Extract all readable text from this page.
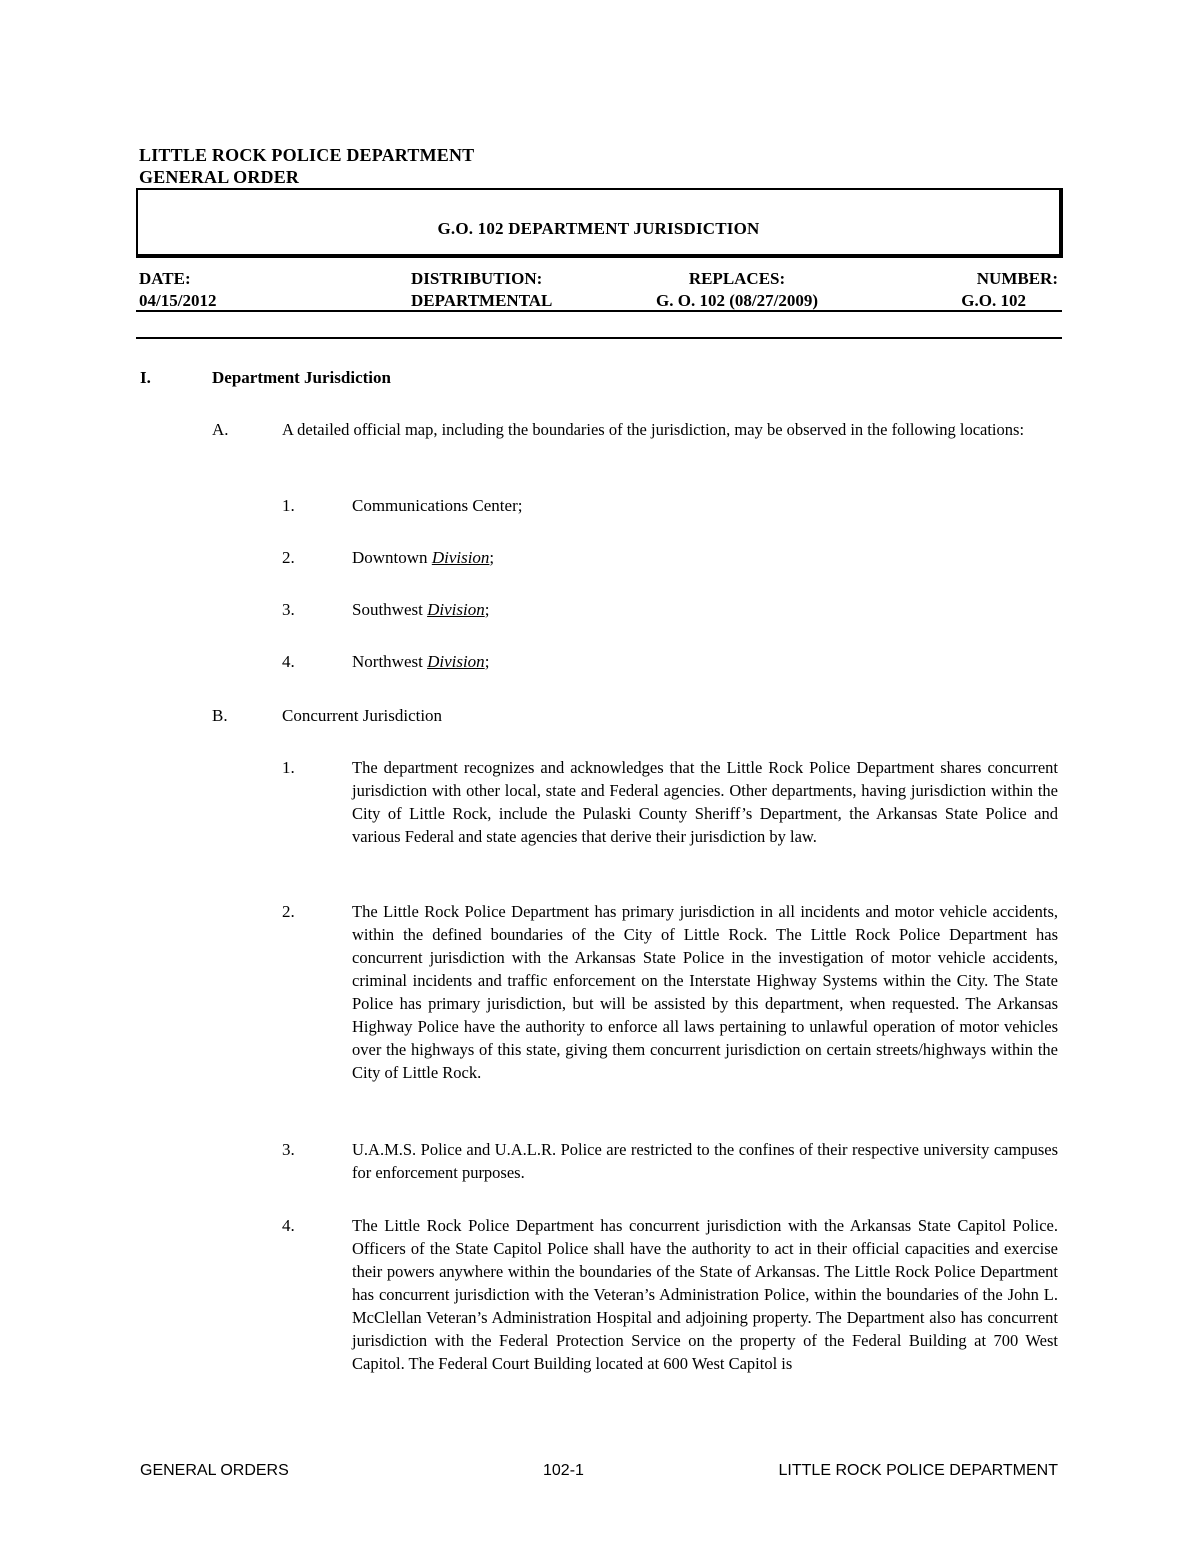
LITTLE ROCK POLICE DEPARTMENT
GENERAL ORDER
G.O. 102 DEPARTMENT JURISDICTION
DATE:
04/15/2012
DISTRIBUTION:
DEPARTMENTAL
REPLACES:
G. O. 102 (08/27/2009)
NUMBER:
G.O. 102
I.	Department Jurisdiction
A.	A detailed official map, including the boundaries of the jurisdiction, may be observed in the following locations:
1.	Communications Center;
2.	Downtown Division;
3.	Southwest Division;
4.	Northwest Division;
B.	Concurrent Jurisdiction
1.	The department recognizes and acknowledges that the Little Rock Police Department shares concurrent jurisdiction with other local, state and Federal agencies. Other departments, having jurisdiction within the City of Little Rock, include the Pulaski County Sheriff’s Department, the Arkansas State Police and various Federal and state agencies that derive their jurisdiction by law.
2.	The Little Rock Police Department has primary jurisdiction in all incidents and motor vehicle accidents, within the defined boundaries of the City of Little Rock. The Little Rock Police Department has concurrent jurisdiction with the Arkansas State Police in the investigation of motor vehicle accidents, criminal incidents and traffic enforcement on the Interstate Highway Systems within the City. The State Police has primary jurisdiction, but will be assisted by this department, when requested. The Arkansas Highway Police have the authority to enforce all laws pertaining to unlawful operation of motor vehicles over the highways of this state, giving them concurrent jurisdiction on certain streets/highways within the City of Little Rock.
3.	U.A.M.S. Police and U.A.L.R. Police are restricted to the confines of their respective university campuses for enforcement purposes.
4.	The Little Rock Police Department has concurrent jurisdiction with the Arkansas State Capitol Police. Officers of the State Capitol Police shall have the authority to act in their official capacities and exercise their powers anywhere within the boundaries of the State of Arkansas. The Little Rock Police Department has concurrent jurisdiction with the Veteran’s Administration Police, within the boundaries of the John L. McClellan Veteran’s Administration Hospital and adjoining property. The Department also has concurrent jurisdiction with the Federal Protection Service on the property of the Federal Building at 700 West Capitol. The Federal Court Building located at 600 West Capitol is
GENERAL ORDERS	102-1	LITTLE ROCK POLICE DEPARTMENT
